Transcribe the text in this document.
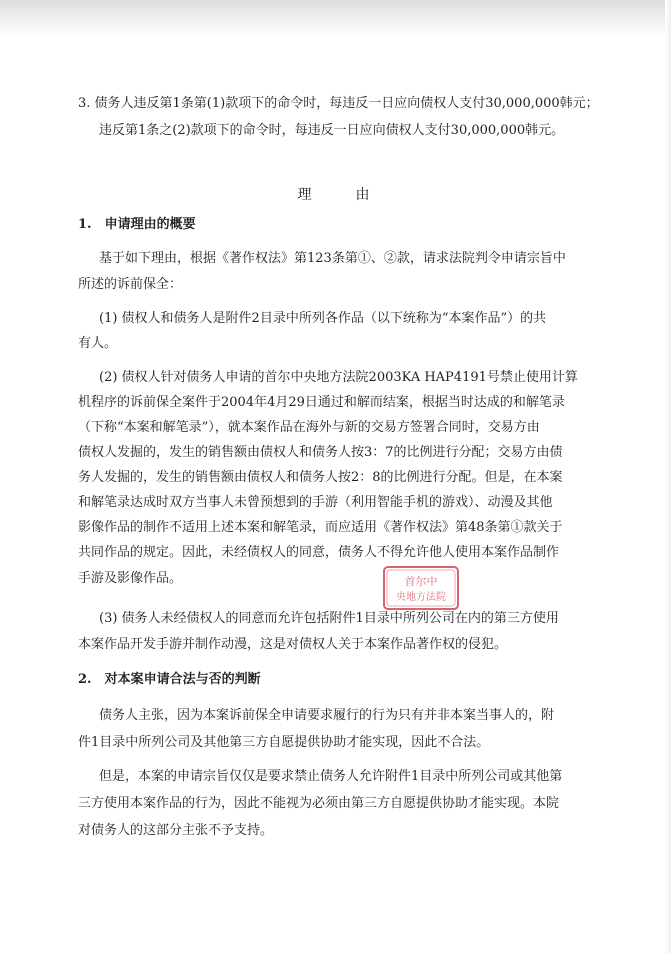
3. 债务人违反第1条第(1)款项下的命令时，每违反一日应向债权人支付30,000,000韩元；
违反第1条之(2)款项下的命令时，每违反一日应向债权人支付30,000,000韩元。
理	由
1.　申请理由的概要
基于如下理由，根据《著作权法》第123条第①、②款，请求法院判令申请宗旨中
所述的诉前保全：
(1) 债权人和债务人是附件2目录中所列各作品（以下统称为“本案作品”）的共
有人。
(2) 债权人针对债务人申请的首尔中央地方法院2003KA HAP4191号禁止使用计算
机程序的诉前保全案件于2004年4月29日通过和解而结案，根据当时达成的和解笔录
（下称“本案和解笔录”），就本案作品在海外与新的交易方签署合同时，交易方由
债权人发掘的，发生的销售额由债权人和债务人按3：7的比例进行分配；交易方由债
务人发掘的，发生的销售额由债权人和债务人按2：8的比例进行分配。但是，在本案
和解笔录达成时双方当事人未曾预想到的手游（利用智能手机的游戏）、动漫及其他
影像作品的制作不适用上述本案和解笔录，而应适用《著作权法》第48条第①款关于
共同作品的规定。因此，未经债权人的同意，债务人不得允许他人使用本案作品制作
手游及影像作品。
(3) 债务人未经债权人的同意而允许包括附件1目录中所列公司在内的第三方使用
本案作品开发手游并制作动漫，这是对债权人关于本案作品著作权的侵犯。
2.　对本案申请合法与否的判断
债务人主张，因为本案诉前保全申请要求履行的行为只有并非本案当事人的，附
件1目录中所列公司及其他第三方自愿提供协助才能实现，因此不合法。
但是，本案的申请宗旨仅仅是要求禁止债务人允许附件1目录中所列公司或其他第
三方使用本案作品的行为，因此不能视为必须由第三方自愿提供协助才能实现。本院
对债务人的这部分主张不予支持。
首尔中
央地方法院
